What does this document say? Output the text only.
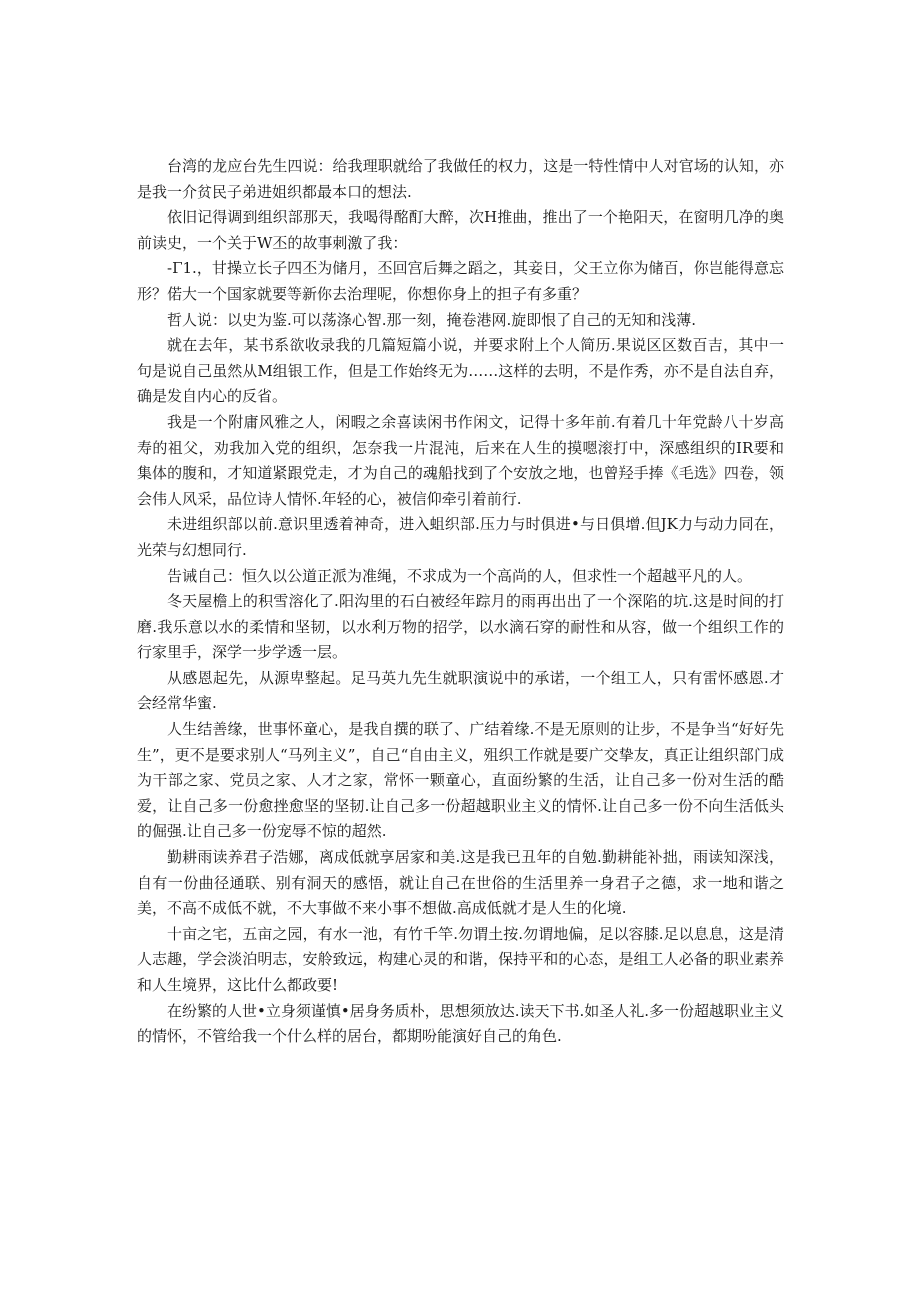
台湾的龙应台先生四说：给我理职就给了我做任的权力，这是一特性情中人对官场的认知，亦是我一介贫民子弟进姐织都最本口的想法.

依旧记得调到组织部那天，我喝得酩酊大醉，次H推曲，推出了一个艳阳天，在窗明几净的奥前读史，一个关于W丕的故事刺激了我：

-Γ1.，甘操立长子四丕为储月，丕回宫后舞之蹈之，其妾日，父王立你为储百，你岂能得意忘形？偌大一个国家就要等新你去治理呢，你想你身上的担子有多重？

哲人说：以史为鉴.可以荡涤心智.那一刻，掩卷港网.旋即恨了自己的无知和浅薄.

就在去年，某书系欲收录我的几篇短篇小说，并要求附上个人简历.果说区区数百吉，其中一句是说自己虽然从M组银工作，但是工作始终无为……这样的去明，不是作秀，亦不是自法自弃，确是发自内心的反省。

我是一个附庸风雅之人，闲暇之余喜读闲书作闲文，记得十多年前.有着几十年党龄八十岁高寿的祖父，劝我加入党的组织，怎奈我一片混沌，后来在人生的摸嗯滚打中，深感组织的IR要和集体的腹和，才知道紧跟党走，才为自己的魂船找到了个安放之地，也曾羟手捧《毛选》四卷，领会伟人风采，品位诗人情怀.年轻的心，被信仰牵引着前行.

未进组织部以前.意识里透着神奇，进入蛆织部.压力与时俱进•与日俱增.但JK力与动力同在，光荣与幻想同行.

告诫自己：恒久以公道正派为准绳，不求成为一个高尚的人，但求性一个超越平凡的人。

冬天屋檐上的积雪溶化了.阳沟里的石白被经年踪月的雨再出出了一个深陷的坑.这是时间的打磨.我乐意以水的柔情和坚韧，以水利万物的招学，以水滴石穿的耐性和从容，做一个组织工作的行家里手，深学一步学透一层。

从感恩起先，从源卑整起。足马英九先生就职演说中的承诺，一个组工人，只有雷怀感恩.才会经常华蜜.

人生结善缘，世事怀童心，是我自撰的联了、广结着缘.不是无原则的让步，不是争当“好好先生”，更不是要求别人“马列主义”，自己“自由主义，殂织工作就是要广交挚友，真正让组织部门成为干部之家、党员之家、人才之家，常怀一颗童心，直面纷繁的生活，让自己多一份对生活的酷爱，让自己多一份愈挫愈坚的坚韧.让自己多一份超越职业主义的情怀.让自己多一份不向生活低头的倔强.让自己多一份宠辱不惊的超然.

勤耕雨读养君子浩娜，离成低就享居家和美.这是我已丑年的自勉.勤耕能补拙，雨读知深浅，自有一份曲径通联、别有洞天的感悟，就让自己在世俗的生活里养一身君子之德，求一地和谐之美，不高不成低不就，不大事做不来小事不想做.高成低就才是人生的化境.

十亩之宅，五亩之园，有水一池，有竹千竿.勿谓土按.勿谓地偏，足以容膝.足以息息，这是清人志趣，学会淡泊明志，安舲致远，构建心灵的和谐，保持平和的心态，是组工人必备的职业素养和人生境界，这比什么都政要!

在纷繁的人世•立身须谨慎•居身务质朴，思想须放达.读天下书.如圣人礼.多一份超越职业主义的情怀，不管给我一个什么样的居台，都期吩能演好自己的角色.
